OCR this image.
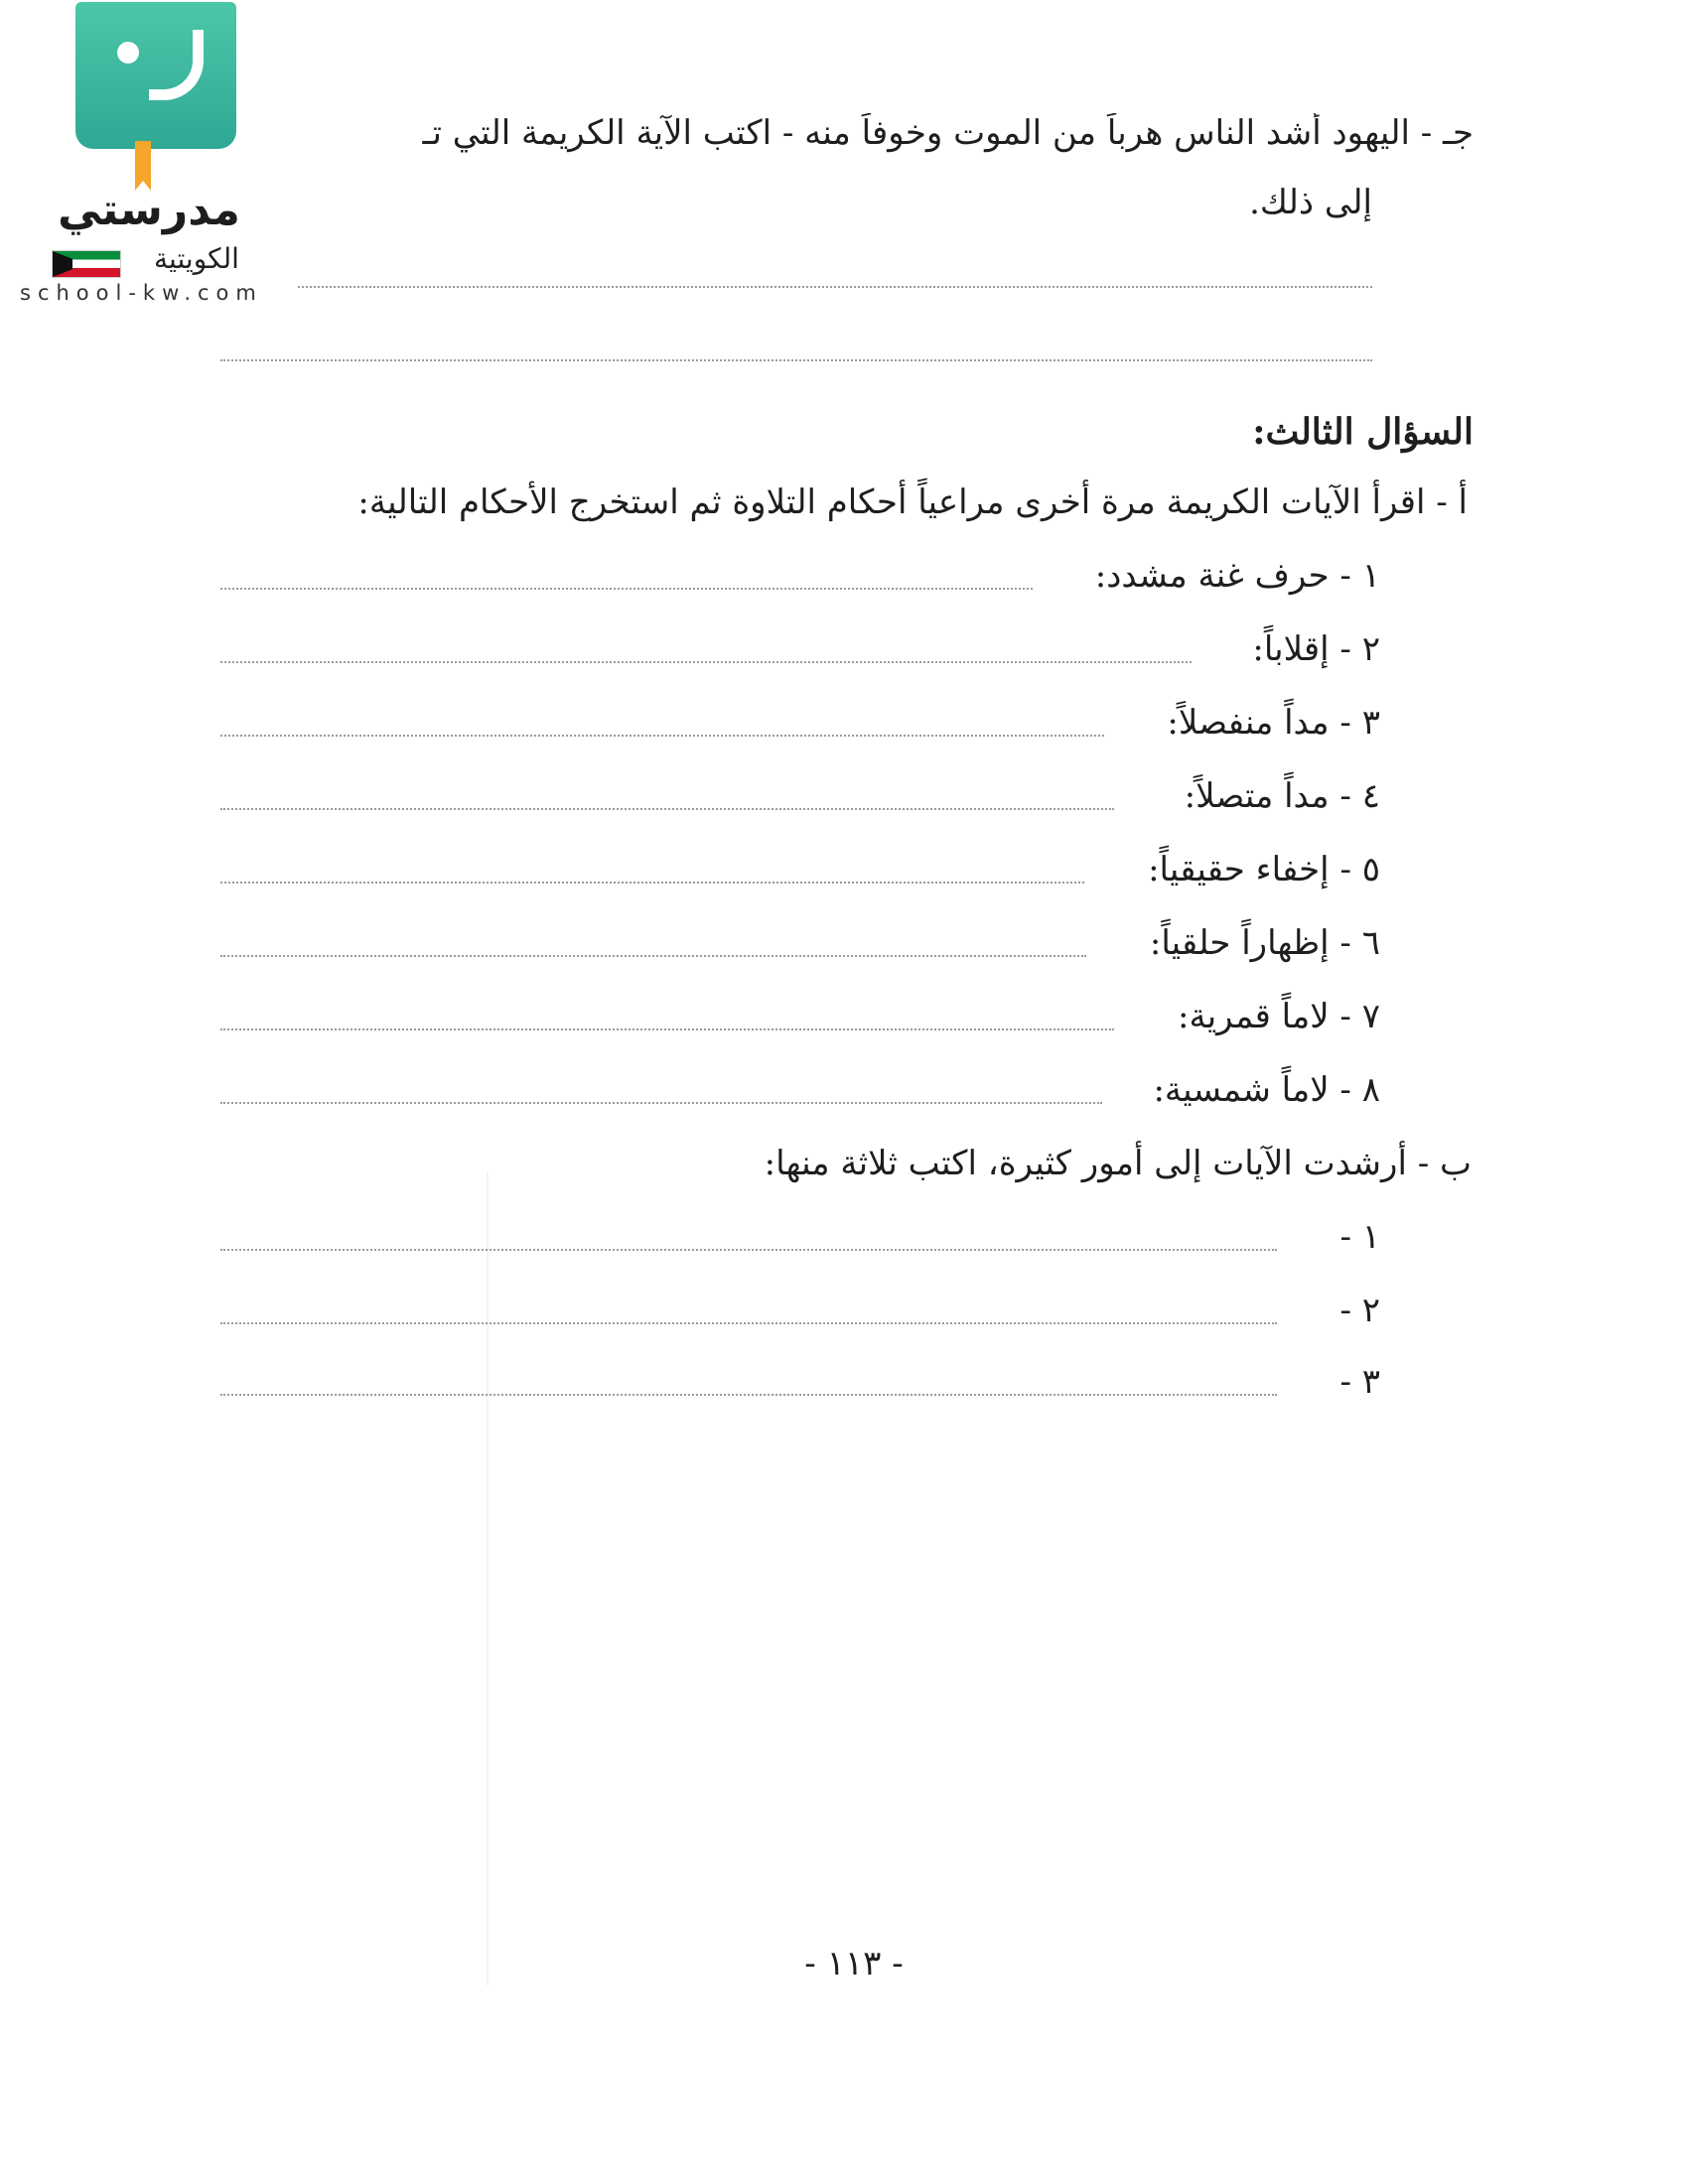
مدرستي
الكويتية
school-kw.com
جـ - اليهود أشد الناس هرباً من الموت وخوفاً منه - اكتب الآية الكريمة التي تـ
إلى ذلك.
السؤال الثالث:
أ - اقرأ الآيات الكريمة مرة أخرى مراعياً أحكام التلاوة ثم استخرج الأحكام التالية:
١ - حرف غنة مشدد:
٢ - إقلاباً:
٣ - مداً منفصلاً:
٤ - مداً متصلاً:
٥ - إخفاء حقيقياً:
٦ - إظهاراً حلقياً:
٧ - لاماً قمرية:
٨ - لاماً شمسية:
ب - أرشدت الآيات إلى أمور كثيرة، اكتب ثلاثة منها:
١ -
٢ -
٣ -
- ١١٣ -
